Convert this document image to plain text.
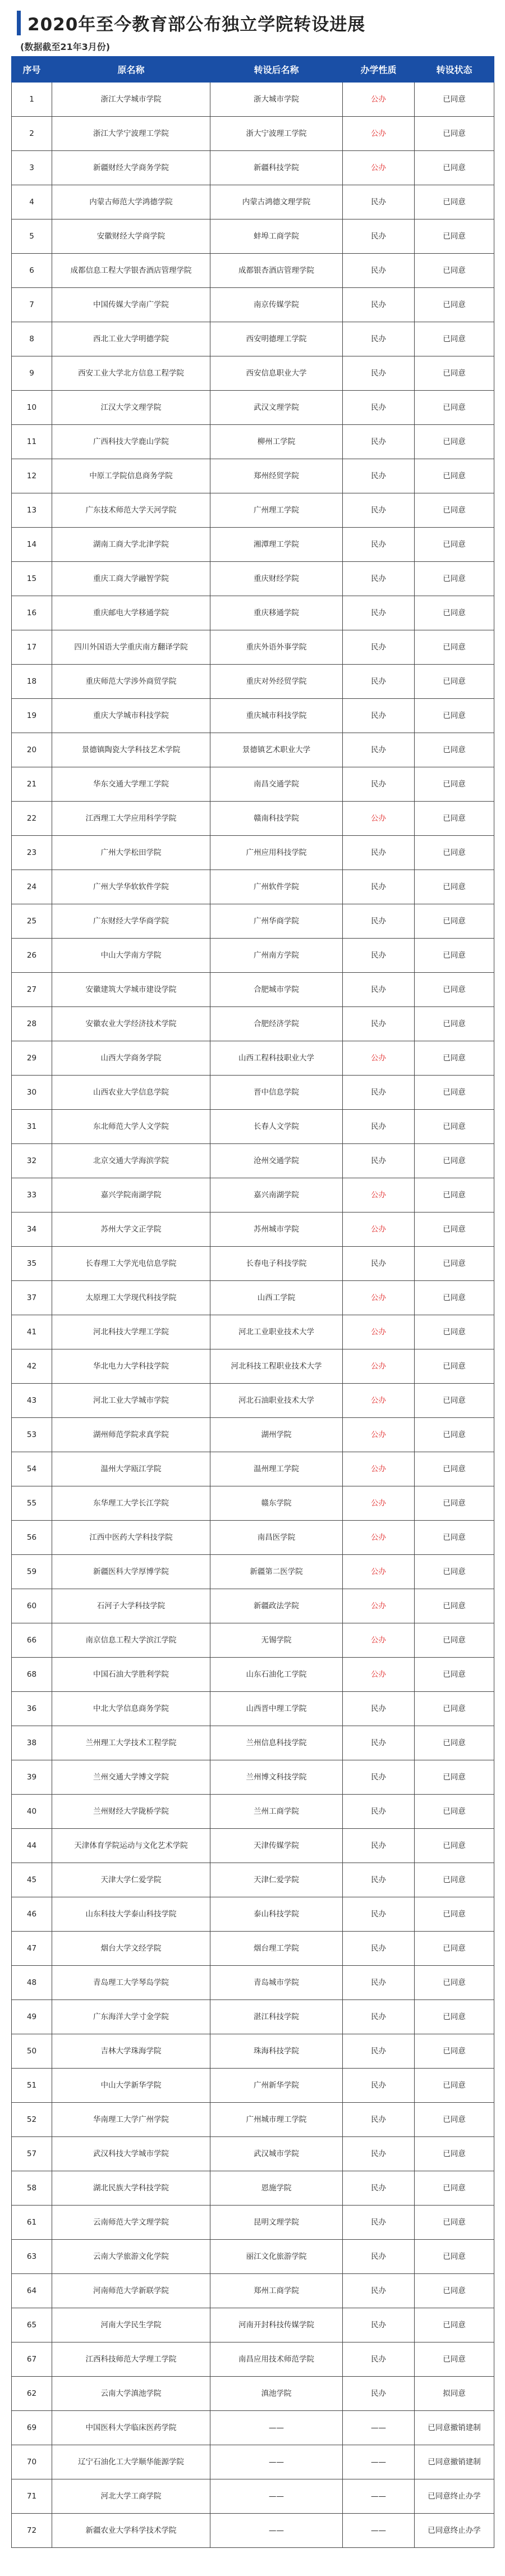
2020年至今教育部公布独立学院转设进展
(数据截至21年3月份)
序号	原名称	转设后名称	办学性质	转设状态
1	浙江大学城市学院	浙大城市学院	公办	已同意
2	浙江大学宁波理工学院	浙大宁波理工学院	公办	已同意
3	新疆财经大学商务学院	新疆科技学院	公办	已同意
4	内蒙古师范大学鸿德学院	内蒙古鸿德文理学院	民办	已同意
5	安徽财经大学商学院	蚌埠工商学院	民办	已同意
6	成都信息工程大学银杏酒店管理学院	成都银杏酒店管理学院	民办	已同意
7	中国传媒大学南广学院	南京传媒学院	民办	已同意
8	西北工业大学明德学院	西安明德理工学院	民办	已同意
9	西安工业大学北方信息工程学院	西安信息职业大学	民办	已同意
10	江汉大学文理学院	武汉文理学院	民办	已同意
11	广西科技大学鹿山学院	柳州工学院	民办	已同意
12	中原工学院信息商务学院	郑州经贸学院	民办	已同意
13	广东技术师范大学天河学院	广州理工学院	民办	已同意
14	湖南工商大学北津学院	湘潭理工学院	民办	已同意
15	重庆工商大学融智学院	重庆财经学院	民办	已同意
16	重庆邮电大学移通学院	重庆移通学院	民办	已同意
17	四川外国语大学重庆南方翻译学院	重庆外语外事学院	民办	已同意
18	重庆师范大学涉外商贸学院	重庆对外经贸学院	民办	已同意
19	重庆大学城市科技学院	重庆城市科技学院	民办	已同意
20	景德镇陶瓷大学科技艺术学院	景德镇艺术职业大学	民办	已同意
21	华东交通大学理工学院	南昌交通学院	民办	已同意
22	江西理工大学应用科学学院	赣南科技学院	公办	已同意
23	广州大学松田学院	广州应用科技学院	民办	已同意
24	广州大学华软软件学院	广州软件学院	民办	已同意
25	广东财经大学华商学院	广州华商学院	民办	已同意
26	中山大学南方学院	广州南方学院	民办	已同意
27	安徽建筑大学城市建设学院	合肥城市学院	民办	已同意
28	安徽农业大学经济技术学院	合肥经济学院	民办	已同意
29	山西大学商务学院	山西工程科技职业大学	公办	已同意
30	山西农业大学信息学院	晋中信息学院	民办	已同意
31	东北师范大学人文学院	长春人文学院	民办	已同意
32	北京交通大学海滨学院	沧州交通学院	民办	已同意
33	嘉兴学院南湖学院	嘉兴南湖学院	公办	已同意
34	苏州大学文正学院	苏州城市学院	公办	已同意
35	长春理工大学光电信息学院	长春电子科技学院	民办	已同意
37	太原理工大学现代科技学院	山西工学院	公办	已同意
41	河北科技大学理工学院	河北工业职业技术大学	公办	已同意
42	华北电力大学科技学院	河北科技工程职业技术大学	公办	已同意
43	河北工业大学城市学院	河北石油职业技术大学	公办	已同意
53	湖州师范学院求真学院	湖州学院	公办	已同意
54	温州大学瓯江学院	温州理工学院	公办	已同意
55	东华理工大学长江学院	赣东学院	公办	已同意
56	江西中医药大学科技学院	南昌医学院	公办	已同意
59	新疆医科大学厚博学院	新疆第二医学院	公办	已同意
60	石河子大学科技学院	新疆政法学院	公办	已同意
66	南京信息工程大学滨江学院	无锡学院	公办	已同意
68	中国石油大学胜利学院	山东石油化工学院	公办	已同意
36	中北大学信息商务学院	山西晋中理工学院	民办	已同意
38	兰州理工大学技术工程学院	兰州信息科技学院	民办	已同意
39	兰州交通大学博文学院	兰州博文科技学院	民办	已同意
40	兰州财经大学陇桥学院	兰州工商学院	民办	已同意
44	天津体育学院运动与文化艺术学院	天津传媒学院	民办	已同意
45	天津大学仁爱学院	天津仁爱学院	民办	已同意
46	山东科技大学泰山科技学院	泰山科技学院	民办	已同意
47	烟台大学文经学院	烟台理工学院	民办	已同意
48	青岛理工大学琴岛学院	青岛城市学院	民办	已同意
49	广东海洋大学寸金学院	湛江科技学院	民办	已同意
50	吉林大学珠海学院	珠海科技学院	民办	已同意
51	中山大学新华学院	广州新华学院	民办	已同意
52	华南理工大学广州学院	广州城市理工学院	民办	已同意
57	武汉科技大学城市学院	武汉城市学院	民办	已同意
58	湖北民族大学科技学院	恩施学院	民办	已同意
61	云南师范大学文理学院	昆明文理学院	民办	已同意
63	云南大学旅游文化学院	丽江文化旅游学院	民办	已同意
64	河南师范大学新联学院	郑州工商学院	民办	已同意
65	河南大学民生学院	河南开封科技传媒学院	民办	已同意
67	江西科技师范大学理工学院	南昌应用技术师范学院	民办	已同意
62	云南大学滇池学院	滇池学院	民办	拟同意
69	中国医科大学临床医药学院	——	——	已同意撤销建制
70	辽宁石油化工大学顺华能源学院	——	——	已同意撤销建制
71	河北大学工商学院	——	——	已同意终止办学
72	新疆农业大学科学技术学院	——	——	已同意终止办学
